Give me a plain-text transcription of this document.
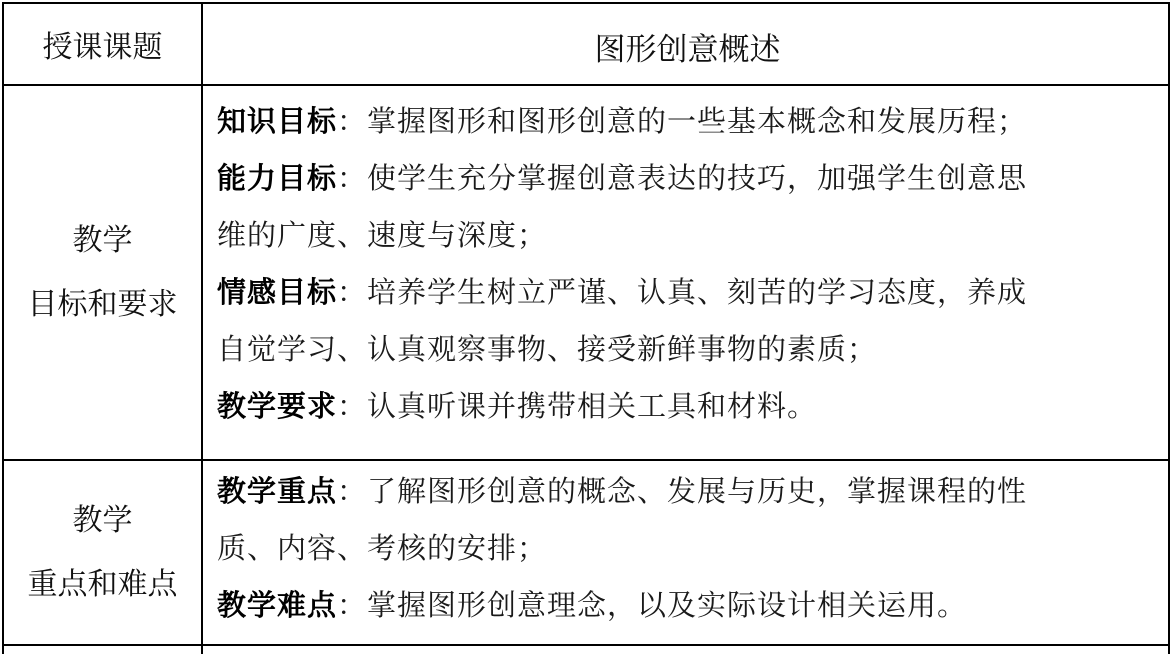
授课课题	图形创意概述
教学
目标和要求
知识目标：掌握图形和图形创意的一些基本概念和发展历程；
能力目标：使学生充分掌握创意表达的技巧，加强学生创意思
维的广度、速度与深度；
情感目标：培养学生树立严谨、认真、刻苦的学习态度，养成
自觉学习、认真观察事物、接受新鲜事物的素质；
教学要求：认真听课并携带相关工具和材料。
教学
重点和难点
教学重点：了解图形创意的概念、发展与历史，掌握课程的性
质、内容、考核的安排；
教学难点：掌握图形创意理念，以及实际设计相关运用。
